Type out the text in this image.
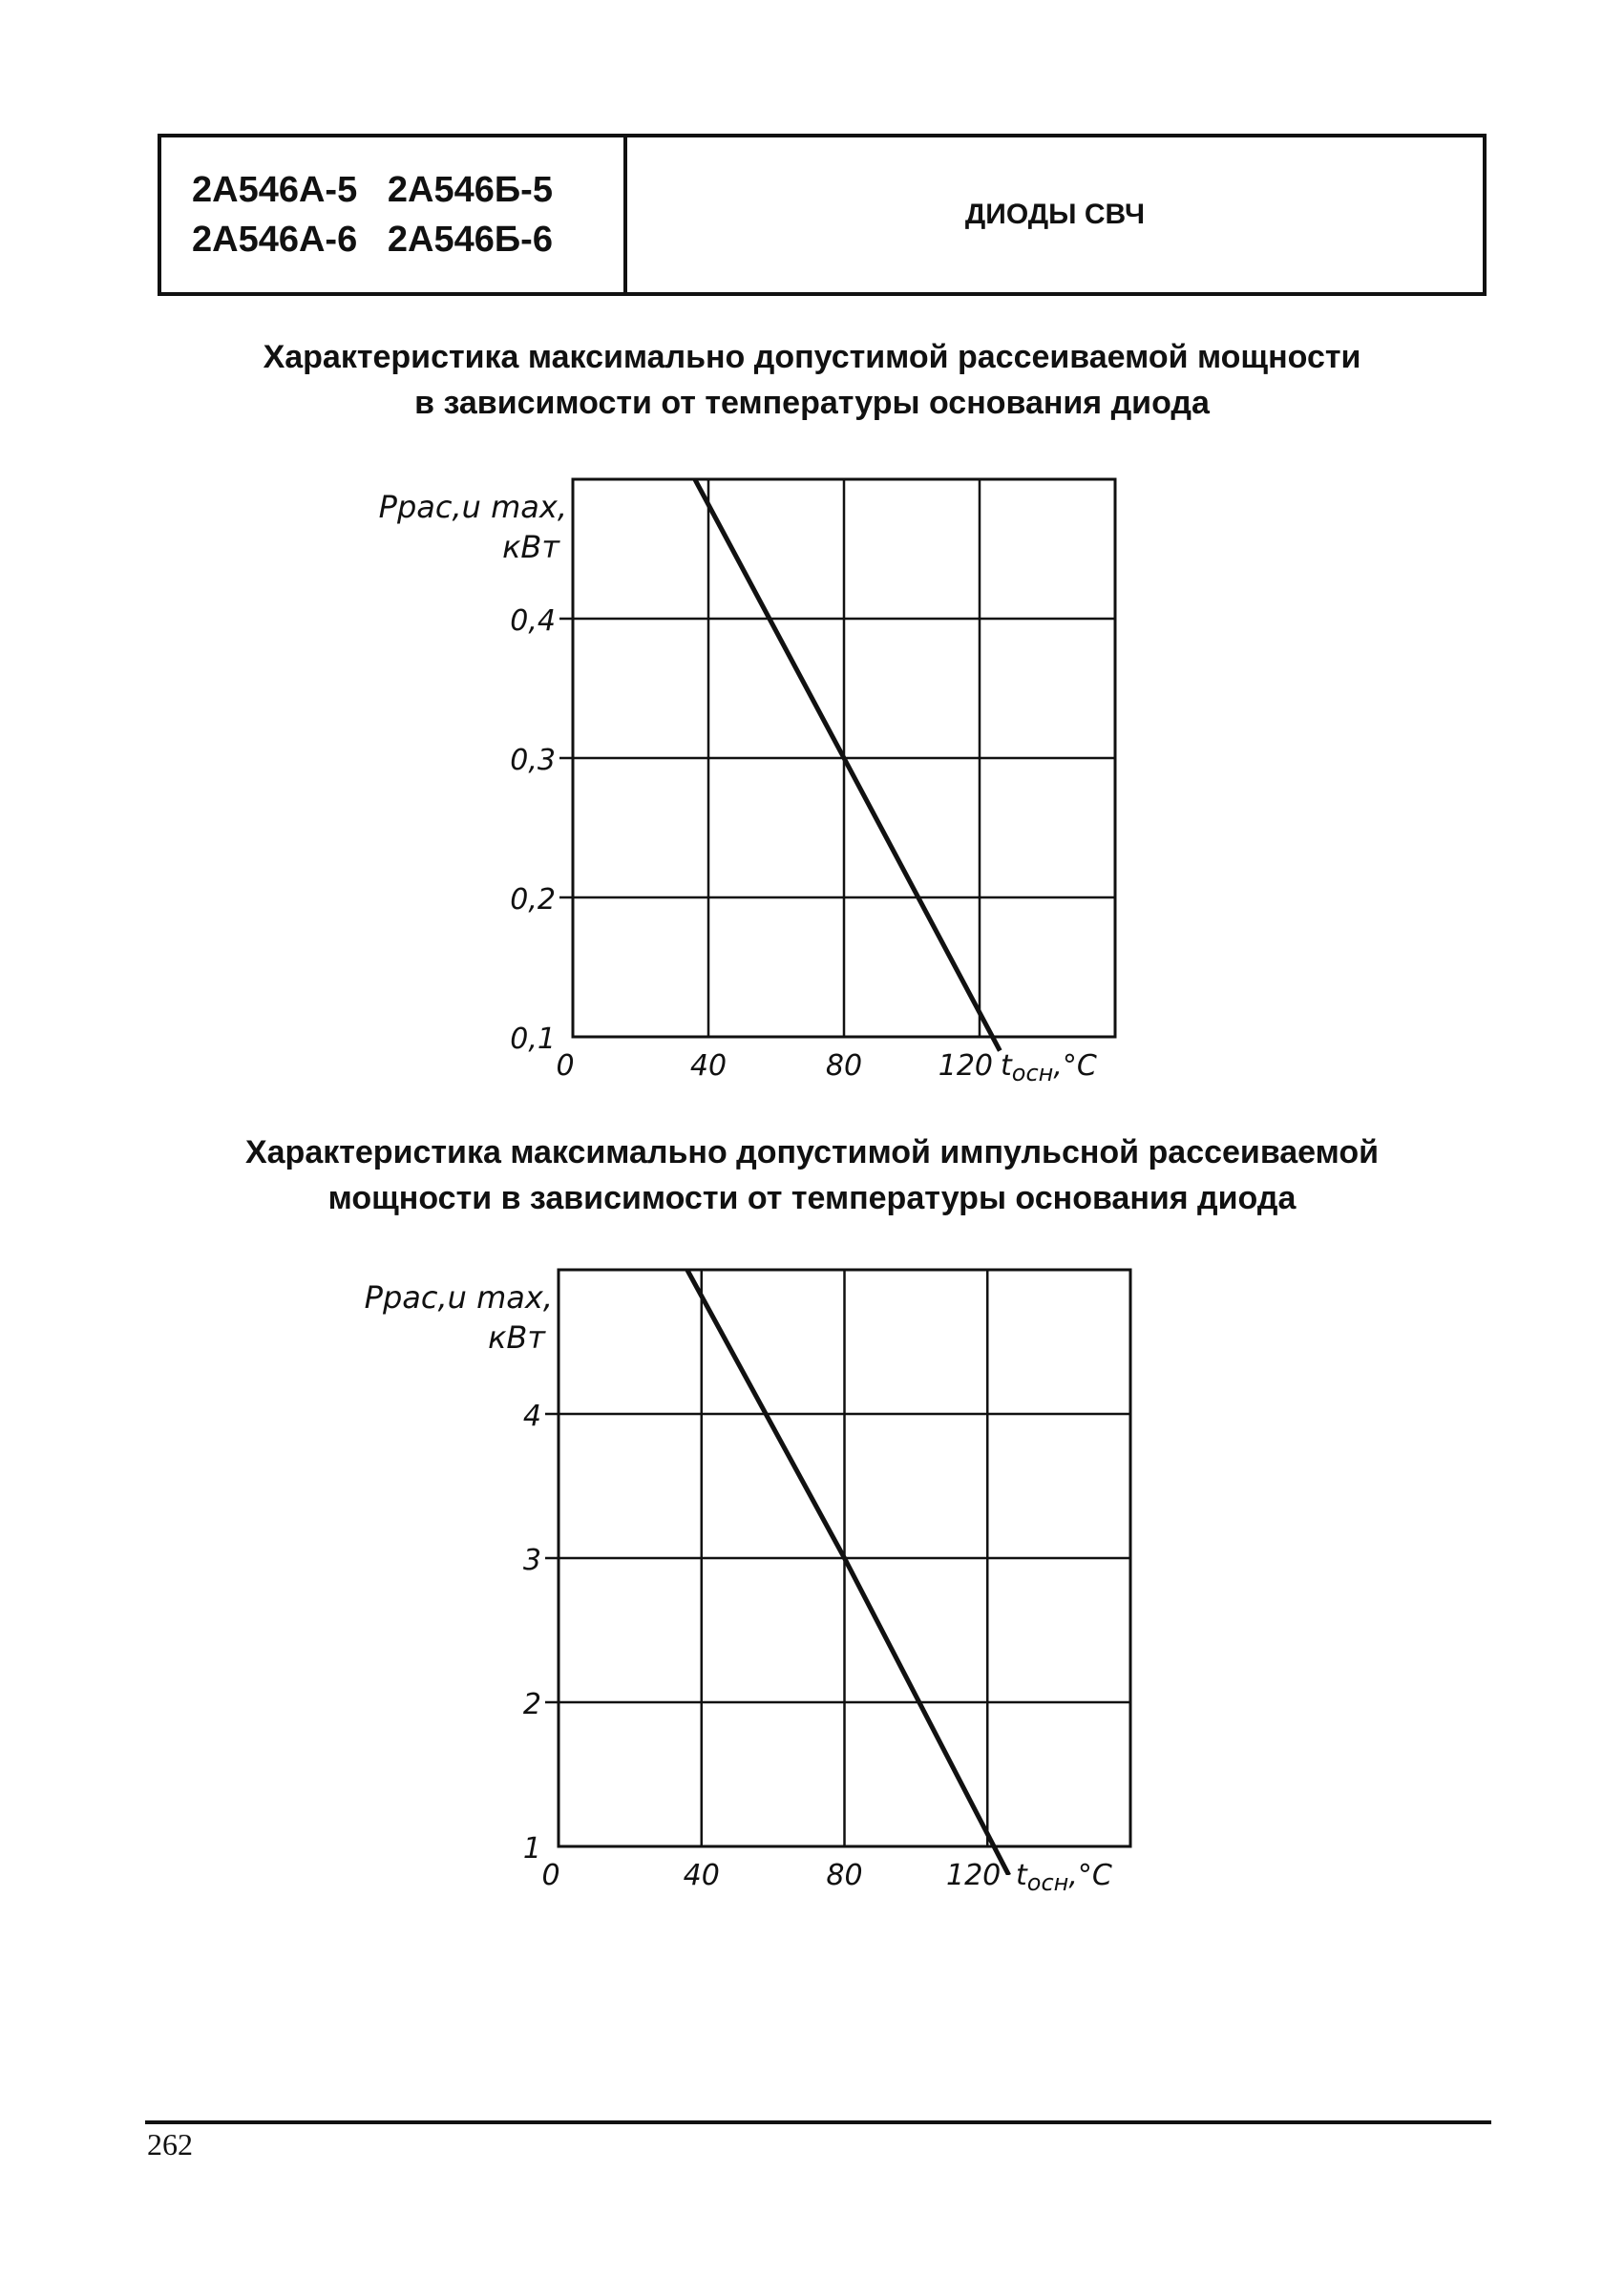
2А546А-5   2А546Б-5
2А546А-6   2А546Б-6
ДИОДЫ СВЧ
Характеристика максимально допустимой рассеиваемой мощности
в зависимости от температуры основания диода
40	80	120
0,1
0,2
0,3
0,4
0
Ppac,u max,
кВт
$t_{осн},^\circ C$
Характеристика максимально допустимой импульсной рассеиваемой
мощности в зависимости от температуры основания диода
40	80	120
1
2
3
4
0
Ppac,u max,
кВт
$t_{осн},^\circ C$
262
